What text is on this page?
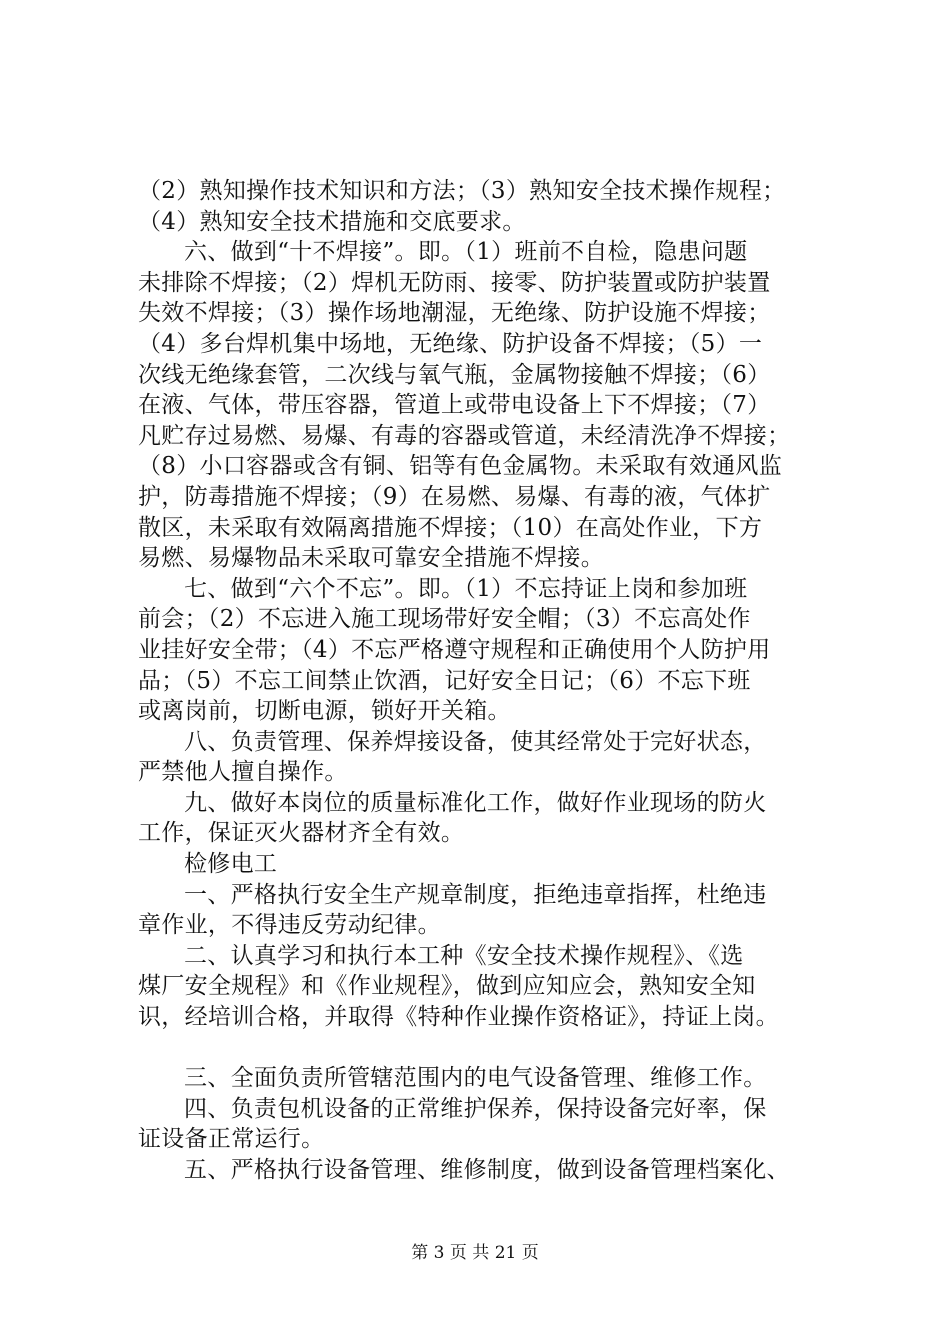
（2）熟知操作技术知识和方法；（3）熟知安全技术操作规程；
（4）熟知安全技术措施和交底要求。
六、做到“十不焊接”。即。（1）班前不自检，隐患问题
未排除不焊接；（2）焊机无防雨、接零、防护装置或防护装置
失效不焊接；（3）操作场地潮湿，无绝缘、防护设施不焊接；
（4）多台焊机集中场地，无绝缘、防护设备不焊接；（5）一
次线无绝缘套管，二次线与氧气瓶，金属物接触不焊接；（6）
在液、气体，带压容器，管道上或带电设备上下不焊接；（7）
凡贮存过易燃、易爆、有毒的容器或管道，未经清洗净不焊接；
（8）小口容器或含有铜、铝等有色金属物。未采取有效通风监
护，防毒措施不焊接；（9）在易燃、易爆、有毒的液，气体扩
散区，未采取有效隔离措施不焊接；（10）在高处作业，下方
易燃、易爆物品未采取可靠安全措施不焊接。
七、做到“六个不忘”。即。（1）不忘持证上岗和参加班
前会；（2）不忘进入施工现场带好安全帽；（3）不忘高处作
业挂好安全带；（4）不忘严格遵守规程和正确使用个人防护用
品；（5）不忘工间禁止饮酒，记好安全日记；（6）不忘下班
或离岗前，切断电源，锁好开关箱。
八、负责管理、保养焊接设备，使其经常处于完好状态，
严禁他人擅自操作。
九、做好本岗位的质量标准化工作，做好作业现场的防火
工作，保证灭火器材齐全有效。
检修电工
一、严格执行安全生产规章制度，拒绝违章指挥，杜绝违
章作业，不得违反劳动纪律。
二、认真学习和执行本工种《安全技术操作规程》、《选
煤厂安全规程》和《作业规程》，做到应知应会，熟知安全知
识，经培训合格，并取得《特种作业操作资格证》，持证上岗。
三、全面负责所管辖范围内的电气设备管理、维修工作。
四、负责包机设备的正常维护保养，保持设备完好率，保
证设备正常运行。
五、严格执行设备管理、维修制度，做到设备管理档案化、
第 3 页 共 21 页
